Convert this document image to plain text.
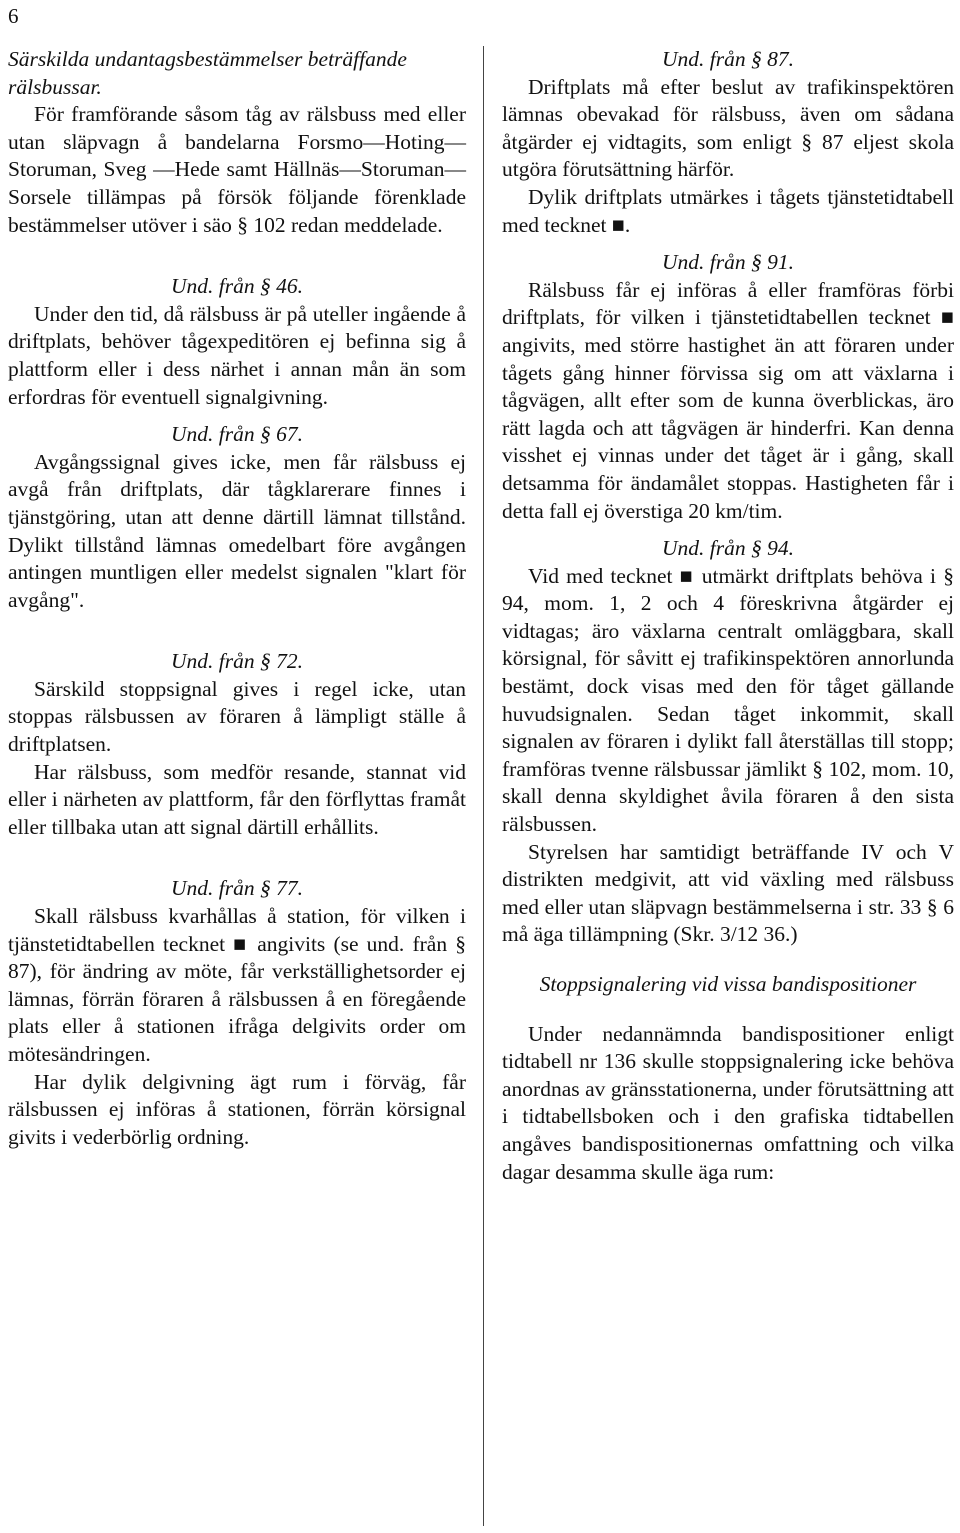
6

Särskilda undantagsbestämmelser beträffande rälsbussar.

För framförande såsom tåg av rälsbuss med eller utan släpvagn å bandelarna Forsmo—Hoting—Storuman, Sveg —Hede samt Hällnäs—Storuman—Sorsele tillämpas på försök följande förenklade bestämmelser utöver i säo § 102 redan meddelade.

Und. från § 46.

Under den tid, då rälsbuss är på uteller ingående å driftplats, behöver tågexpeditören ej befinna sig å plattform eller i dess närhet i annan mån än som erfordras för eventuell signalgivning.

Und. från § 67.

Avgångssignal gives icke, men får rälsbuss ej avgå från driftplats, där tågklarerare finnes i tjänstgöring, utan att denne därtill lämnat tillstånd. Dylikt tillstånd lämnas omedelbart före avgången antingen muntligen eller medelst signalen "klart för avgång".

Und. från § 72.

Särskild stoppsignal gives i regel icke, utan stoppas rälsbussen av föraren å lämpligt ställe å driftplatsen.

Har rälsbuss, som medför resande, stannat vid eller i närheten av plattform, får den förflyttas framåt eller tillbaka utan att signal därtill erhållits.

Und. från § 77.

Skall rälsbuss kvarhållas å station, för vilken i tjänstetidtabellen tecknet ■ angivits (se und. från § 87), för ändring av möte, får verkställighetsorder ej lämnas, förrän föraren å rälsbussen å en föregående plats eller å stationen ifråga delgivits order om mötesändringen.

Har dylik delgivning ägt rum i förväg, får rälsbussen ej införas å stationen, förrän körsignal givits i vederbörlig ordning.

Und. från § 87.

Driftplats må efter beslut av trafikinspektören lämnas obevakad för rälsbuss, även om sådana åtgärder ej vidtagits, som enligt § 87 eljest skola utgöra förutsättning härför.

Dylik driftplats utmärkes i tågets tjänstetidtabell med tecknet ■.

Und. från § 91.

Rälsbuss får ej införas å eller framföras förbi driftplats, för vilken i tjänstetidtabellen tecknet ■ angivits, med större hastighet än att föraren under tågets gång hinner förvissa sig om att växlarna i tågvägen, allt efter som de kunna överblickas, äro rätt lagda och att tågvägen är hinderfri. Kan denna visshet ej vinnas under det tåget är i gång, skall detsamma för ändamålet stoppas. Hastigheten får i detta fall ej överstiga 20 km/tim.

Und. från § 94.

Vid med tecknet ■ utmärkt driftplats behöva i § 94, mom. 1, 2 och 4 föreskrivna åtgärder ej vidtagas; äro växlarna centralt omläggbara, skall körsignal, för såvitt ej trafikinspektören annorlunda bestämt, dock visas med den för tåget gällande huvudsignalen. Sedan tåget inkommit, skall signalen av föraren i dylikt fall återställas till stopp; framföras tvenne rälsbussar jämlikt § 102, mom. 10, skall denna skyldighet åvila föraren å den sista rälsbussen.

Styrelsen har samtidigt beträffande IV och V distrikten medgivit, att vid växling med rälsbuss med eller utan släpvagn bestämmelserna i str. 33 § 6 må äga tillämpning (Skr. 3/12 36.)

Stoppsignalering vid vissa bandispositioner

Under nedannämnda bandispositioner enligt tidtabell nr 136 skulle stoppsignalering icke behöva anordnas av gränsstationerna, under förutsättning att i tidtabellsboken och i den grafiska tidtabellen angåves bandispositionernas omfattning och vilka dagar desamma skulle äga rum:
